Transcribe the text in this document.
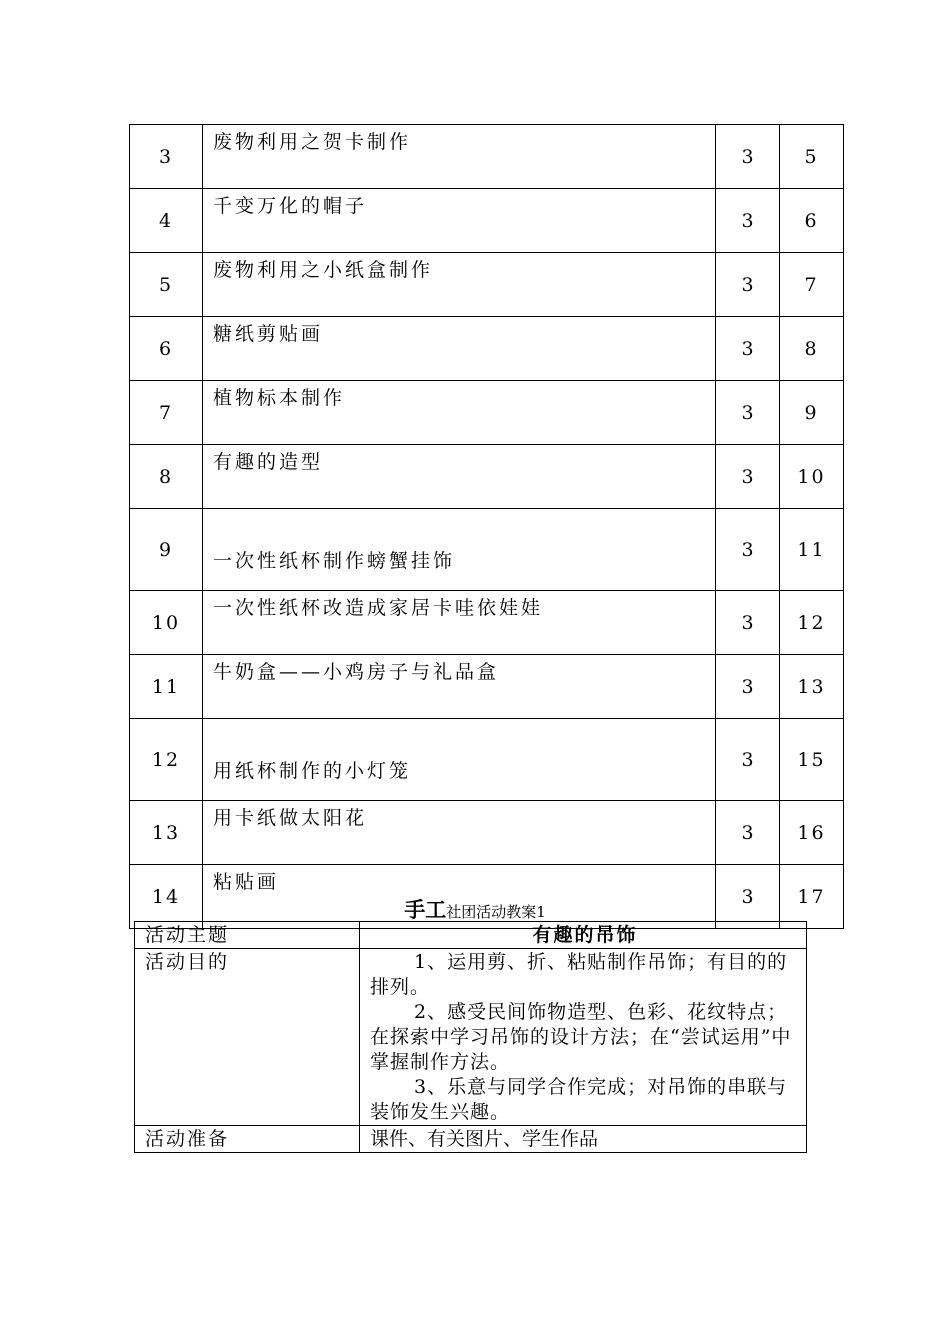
3	废物利用之贺卡制作	3	5
4	千变万化的帽子	3	6
5	废物利用之小纸盒制作	3	7
6	糖纸剪贴画	3	8
7	植物标本制作	3	9
8	有趣的造型	3	10
9	一次性纸杯制作螃蟹挂饰	3	11
10	一次性纸杯改造成家居卡哇依娃娃	3	12
11	牛奶盒——小鸡房子与礼品盒	3	13
12	用纸杯制作的小灯笼	3	15
13	用卡纸做太阳花	3	16
14	粘贴画	3	17
手工社团活动教案1
活动主题	有趣的吊饰
活动目的	1、运用剪、折、粘贴制作吊饰；有目的的排列。

2、感受民间饰物造型、色彩、花纹特点；在探索中学习吊饰的设计方法；在“尝试运用”中掌握制作方法。

3、乐意与同学合作完成；对吊饰的串联与装饰发生兴趣。

活动准备	课件、有关图片、学生作品
